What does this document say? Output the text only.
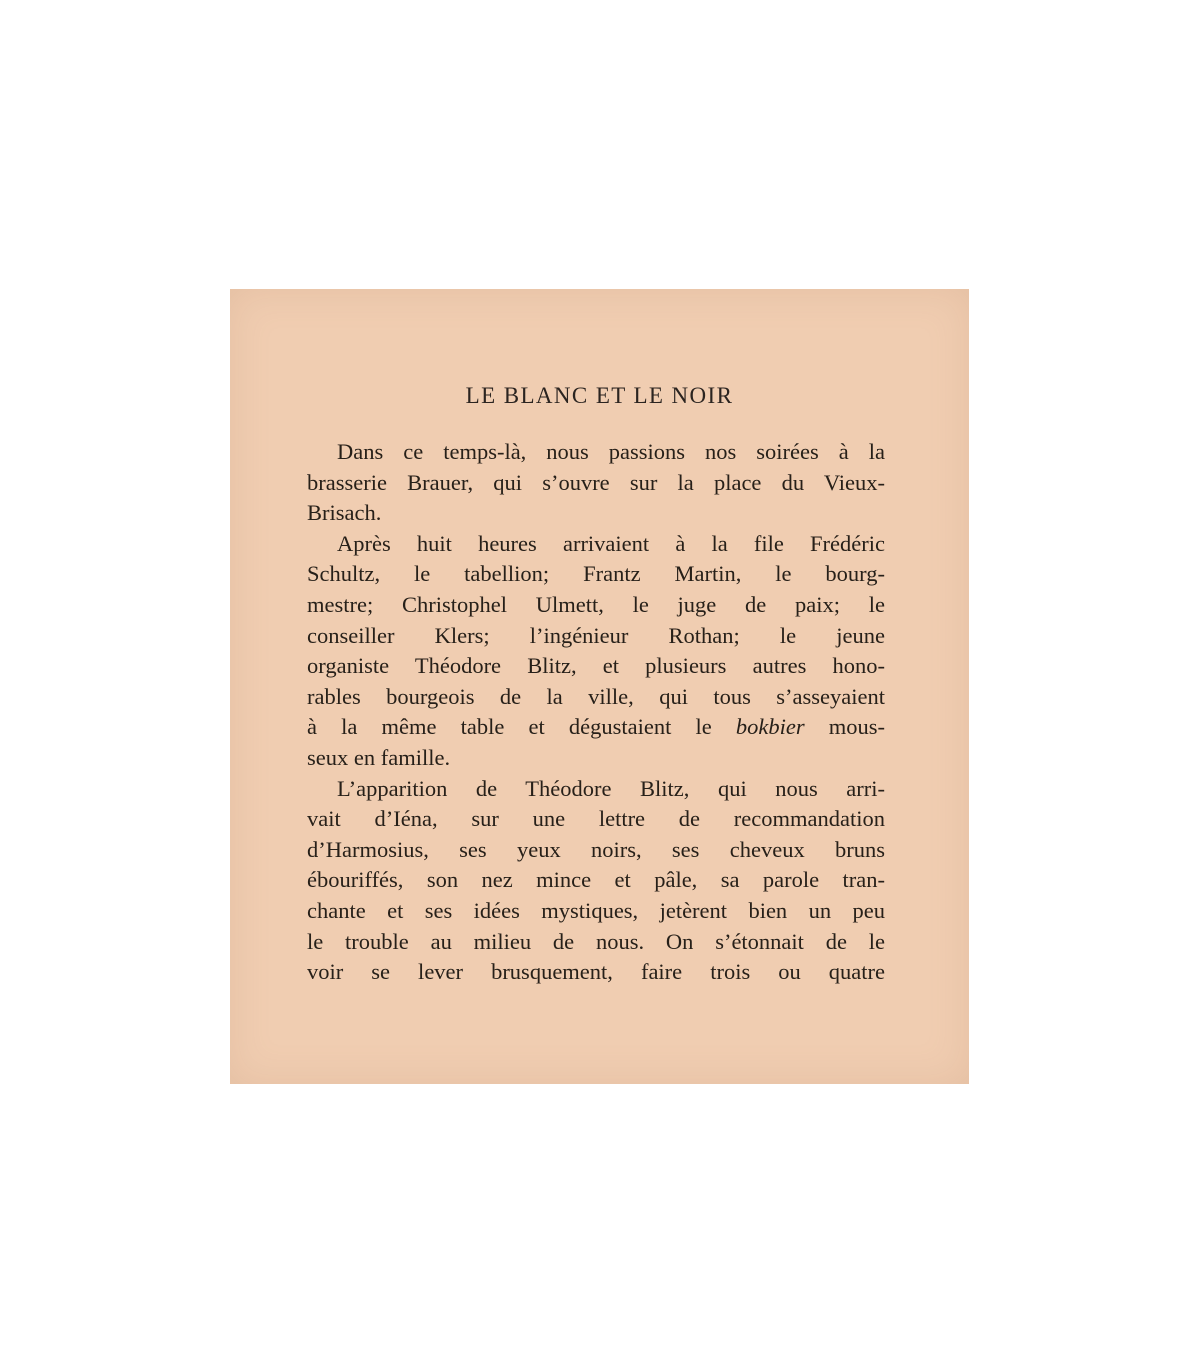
LE BLANC ET LE NOIR
Dans ce temps-là, nous passions nos soirées à la
brasserie Brauer, qui s’ouvre sur la place du Vieux-
Brisach.
Après huit heures arrivaient à la file Frédéric
Schultz, le tabellion; Frantz Martin, le bourg-
mestre; Christophel Ulmett, le juge de paix; le
conseiller Klers; l’ingénieur Rothan; le jeune
organiste Théodore Blitz, et plusieurs autres hono-
rables bourgeois de la ville, qui tous s’asseyaient
à la même table et dégustaient le bokbier mous-
seux en famille.
L’apparition de Théodore Blitz, qui nous arri-
vait d’Iéna, sur une lettre de recommandation
d’Harmosius, ses yeux noirs, ses cheveux bruns
ébouriffés, son nez mince et pâle, sa parole tran-
chante et ses idées mystiques, jetèrent bien un peu
le trouble au milieu de nous. On s’étonnait de le
voir se lever brusquement, faire trois ou quatre
